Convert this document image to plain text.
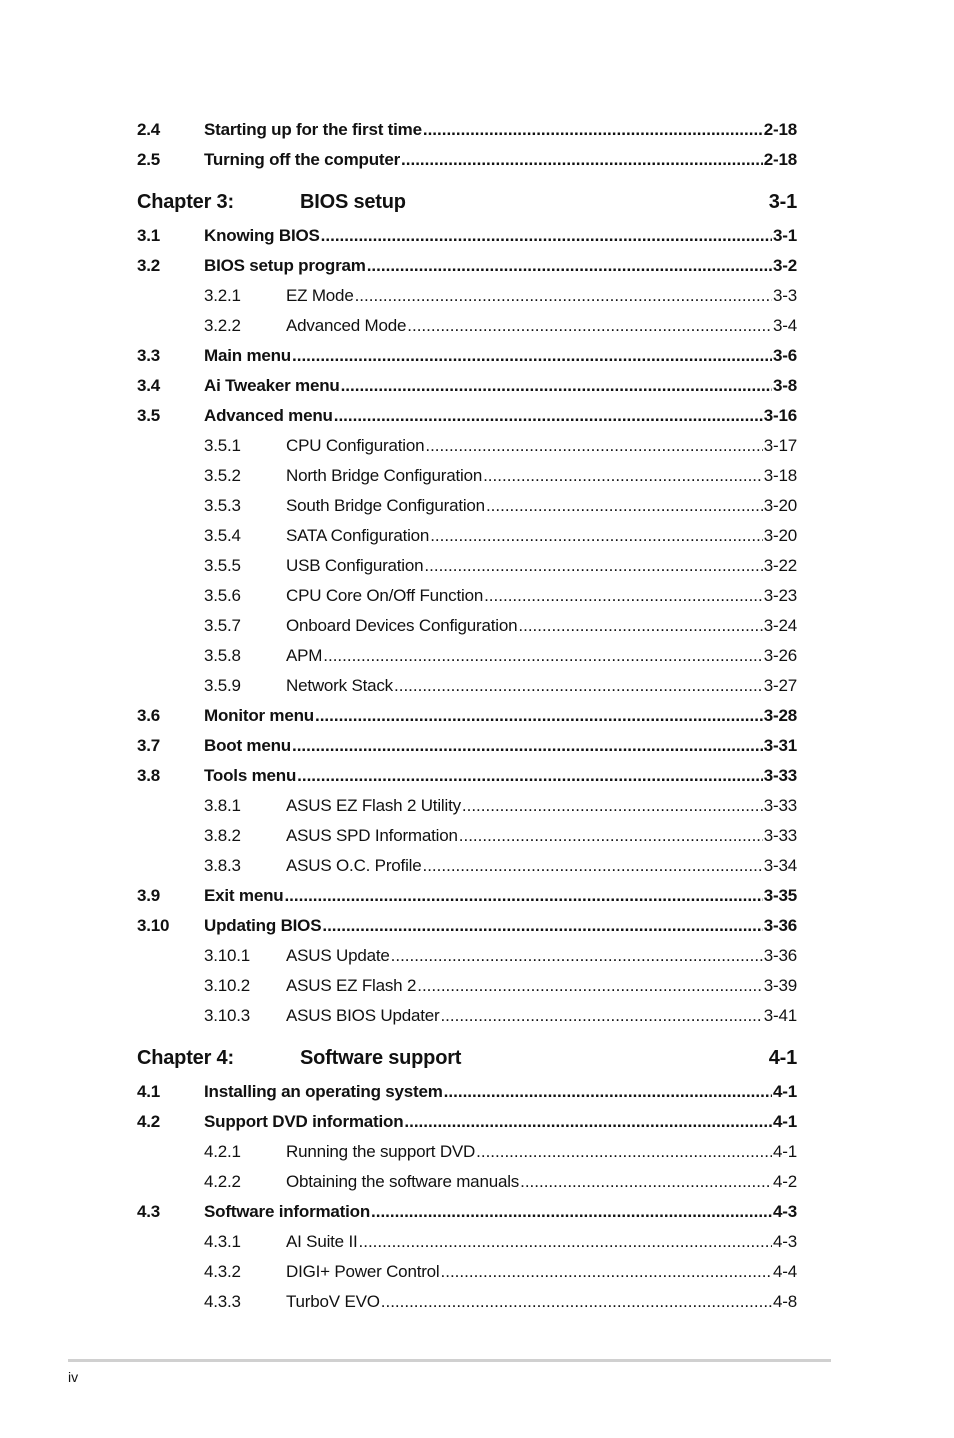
2.4	Starting up for the first time .....	2-18
2.5	Turning off the computer .....	2-18
Chapter 3:	BIOS setup	3-1
3.1	Knowing BIOS .....	3-1
3.2	BIOS setup program .....	3-2
3.2.1	EZ Mode .....	3-3
3.2.2	Advanced Mode .....	3-4
3.3	Main menu .....	3-6
3.4	Ai Tweaker menu .....	3-8
3.5	Advanced menu .....	3-16
3.5.1	CPU Configuration .....	3-17
3.5.2	North Bridge Configuration .....	3-18
3.5.3	South Bridge Configuration .....	3-20
3.5.4	SATA Configuration .....	3-20
3.5.5	USB Configuration .....	3-22
3.5.6	CPU Core On/Off Function .....	3-23
3.5.7	Onboard Devices Configuration .....	3-24
3.5.8	APM .....	3-26
3.5.9	Network Stack .....	3-27
3.6	Monitor menu .....	3-28
3.7	Boot menu .....	3-31
3.8	Tools menu .....	3-33
3.8.1	ASUS EZ Flash 2 Utility .....	3-33
3.8.2	ASUS SPD Information .....	3-33
3.8.3	ASUS O.C. Profile .....	3-34
3.9	Exit menu .....	3-35
3.10 Updating BIOS .....	3-36
3.10.1 ASUS Update .....	3-36
3.10.2 ASUS EZ Flash 2 .....	3-39
3.10.3 ASUS BIOS Updater .....	3-41
Chapter 4:	Software support	4-1
4.1	Installing an operating system .....	4-1
4.2	Support DVD information .....	4-1
4.2.1	Running the support DVD .....	4-1
4.2.2	Obtaining the software manuals .....	4-2
4.3	Software information .....	4-3
4.3.1	AI Suite II .....	4-3
4.3.2	DIGI+ Power Control .....	4-4
4.3.3	TurboV EVO .....	4-8
iv
